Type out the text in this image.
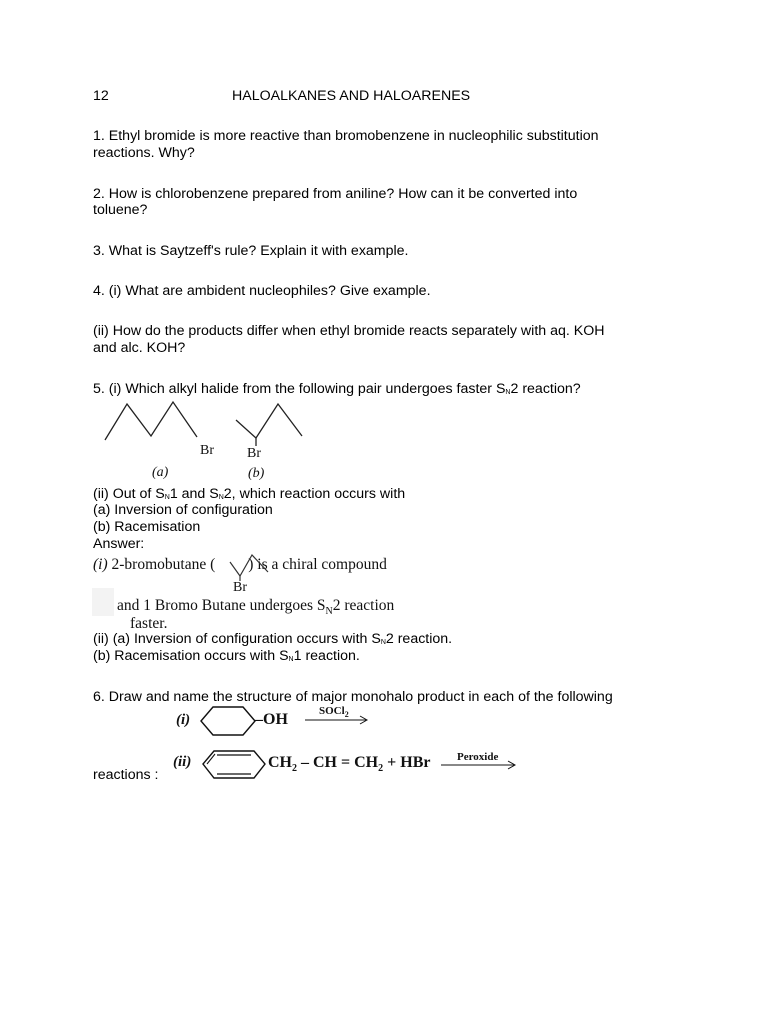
12	HALOALKANES AND HALOARENES
1. Ethyl bromide is more reactive than bromobenzene in nucleophilic substitution
reactions. Why?
2. How is chlorobenzene prepared from aniline? How can it be converted into
toluene?
3. What is Saytzeff's rule? Explain it with example.
4. (i) What are ambident nucleophiles? Give example.
(ii) How do the products differ when ethyl bromide reacts separately with aq. KOH
and alc. KOH?
5. (i) Which alkyl halide from the following pair undergoes faster $S_N2$ reaction?
Br
(a)
Br
(b)
(ii) Out of $S_N1$ and $S_N2$, which reaction occurs with
(a) Inversion of configuration
(b) Racemisation
Answer:
(i) 2-bromobutane ( ) is a chiral compound
Br
and 1 Bromo Butane undergoes $S_N2$ reaction
faster.
(ii) (a) Inversion of configuration occurs with $S_N2$ reaction.
(b) Racemisation occurs with $S_N1$ reaction.
6. Draw and name the structure of major monohalo product in each of the following
(i)	–OH	SOCl$_2$
(ii)	$CH_2$ – CH = $CH_2$ + HBr Peroxide
reactions :
